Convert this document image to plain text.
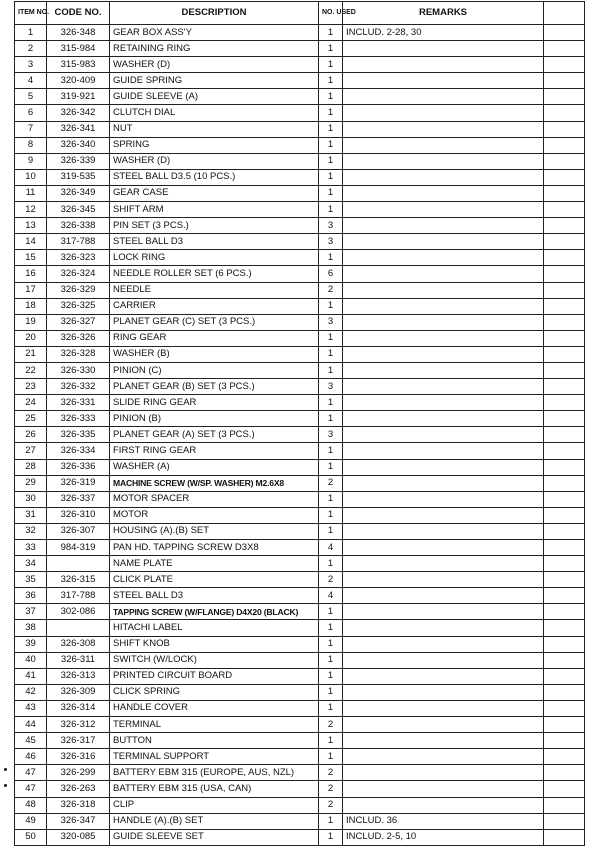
ITEM NO.	CODE NO.	DESCRIPTION	NO. USED	REMARKS	
1	326-348	GEAR BOX ASS'Y	1	INCLUD. 2-28, 30	
2	315-984	RETAINING RING	1		
3	315-983	WASHER (D)	1		
4	320-409	GUIDE SPRING	1		
5	319-921	GUIDE SLEEVE (A)	1		
6	326-342	CLUTCH DIAL	1		
7	326-341	NUT	1		
8	326-340	SPRING	1		
9	326-339	WASHER (D)	1		
10	319-535	STEEL BALL D3.5 (10 PCS.)	1		
11	326-349	GEAR CASE	1		
12	326-345	SHIFT ARM	1		
13	326-338	PIN SET (3 PCS.)	3		
14	317-788	STEEL BALL D3	3		
15	326-323	LOCK RING	1		
16	326-324	NEEDLE ROLLER SET (6 PCS.)	6		
17	326-329	NEEDLE	2		
18	326-325	CARRIER	1		
19	326-327	PLANET GEAR (C) SET (3 PCS.)	3		
20	326-326	RING GEAR	1		
21	326-328	WASHER (B)	1		
22	326-330	PINION (C)	1		
23	326-332	PLANET GEAR (B) SET (3 PCS.)	3		
24	326-331	SLIDE RING GEAR	1		
25	326-333	PINION (B)	1		
26	326-335	PLANET GEAR (A) SET (3 PCS.)	3		
27	326-334	FIRST RING GEAR	1		
28	326-336	WASHER (A)	1		
29	326-319	MACHINE SCREW (W/SP. WASHER) M2.6X8	2		
30	326-337	MOTOR SPACER	1		
31	326-310	MOTOR	1		
32	326-307	HOUSING (A).(B) SET	1		
33	984-319	PAN HD. TAPPING SCREW D3X8	4		
34		NAME PLATE	1		
35	326-315	CLICK PLATE	2		
36	317-788	STEEL BALL D3	4		
37	302-086	TAPPING SCREW (W/FLANGE) D4X20 (BLACK)	1		
38		HITACHI LABEL	1		
39	326-308	SHIFT KNOB	1		
40	326-311	SWITCH (W/LOCK)	1		
41	326-313	PRINTED CIRCUIT BOARD	1		
42	326-309	CLICK SPRING	1		
43	326-314	HANDLE COVER	1		
44	326-312	TERMINAL	2		
45	326-317	BUTTON	1		
46	326-316	TERMINAL SUPPORT	1		
47	326-299	BATTERY EBM 315 (EUROPE, AUS, NZL)	2		
47	326-263	BATTERY EBM 315 (USA, CAN)	2		
48	326-318	CLIP	2		
49	326-347	HANDLE (A).(B) SET	1	INCLUD. 36	
50	320-085	GUIDE SLEEVE SET	1	INCLUD. 2-5, 10	
